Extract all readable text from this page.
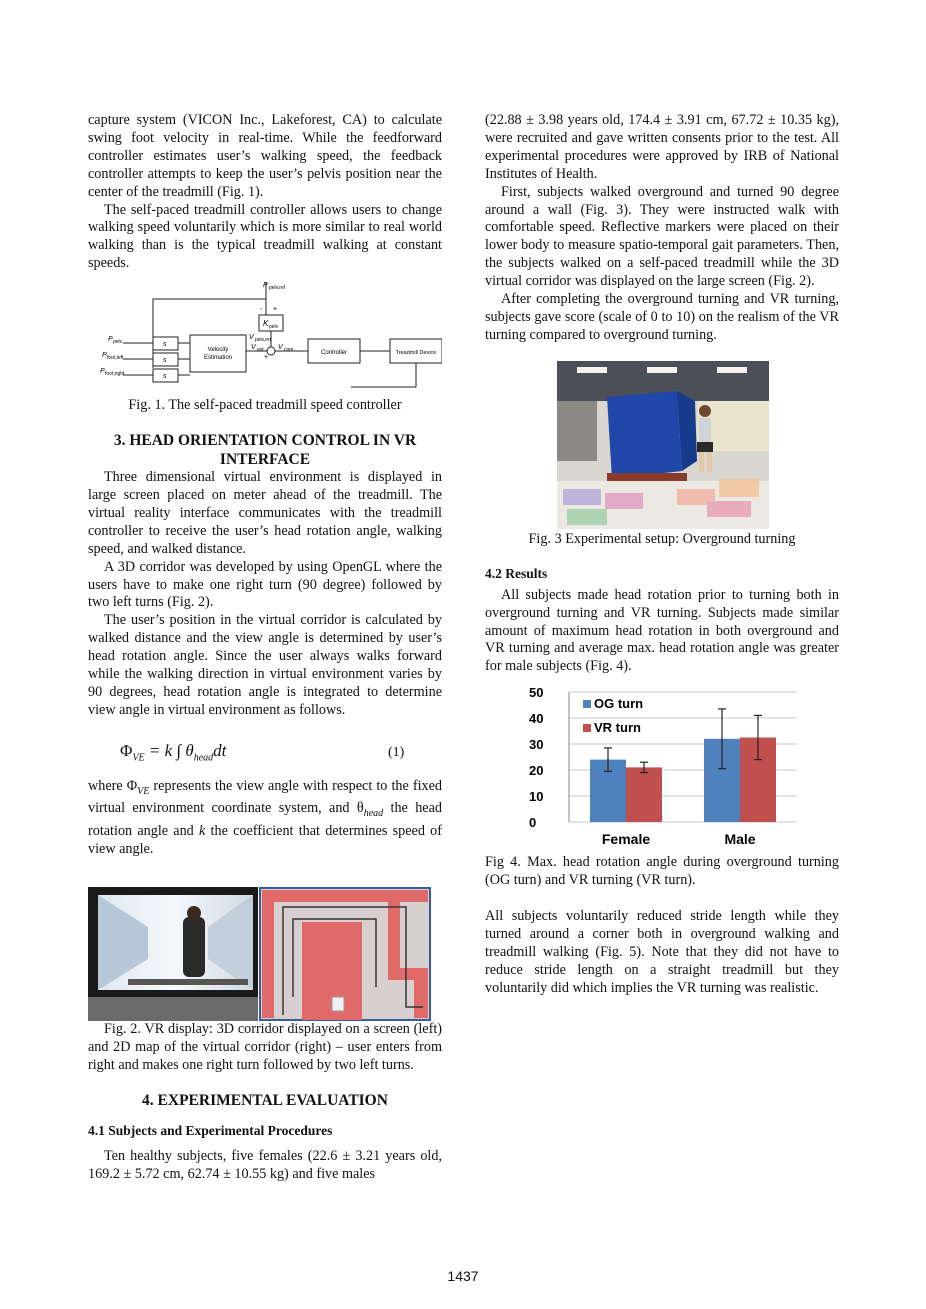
capture system (VICON Inc., Lakeforest, CA) to calculate swing foot velocity in real-time. While the feedforward controller estimates user’s walking speed, the feedback controller attempts to keep the user’s pelvis position near the center of the treadmill (Fig. 1).

The self-paced treadmill controller allows users to change walking speed voluntarily which is more similar to real world walking than is the typical treadmill walking at constant speeds.

P pelv,ref
- +
K pelv
V pelv,err
V est V com
+
P pelv
P foot,left
P foot,right
s
s
s
Velocity
Estimation
Controller	Treadmill Device

Fig. 1. The self-paced treadmill speed controller

3. HEAD ORIENTATION CONTROL IN VR
INTERFACE

Three dimensional virtual environment is displayed in large screen placed on meter ahead of the treadmill. The virtual reality interface communicates with the treadmill controller to receive the user’s head rotation angle, walking speed, and walked distance.

A 3D corridor was developed by using OpenGL where the users have to make one right turn (90 degree) followed by two left turns (Fig. 2).

The user’s position in the virtual corridor is calculated by walked distance and the view angle is determined by user’s head rotation angle. Since the user always walks forward while the walking direction in virtual environment varies by 90 degrees, head rotation angle is integrated to determine view angle in virtual environment as follows.

$\Phi_{VE} = k$ ∫ $\theta_{head}dt$	(1)

where $\Phi_{VE}$ represents the view angle with respect to the fixed virtual environment coordinate system, and $\theta_{head}$ the head rotation angle and k the coefficient that determines speed of view angle.

Fig. 2. VR display: 3D corridor displayed on a screen (left) and 2D map of the virtual corridor (right) – user enters from right and makes one right turn followed by two left turns.

4. EXPERIMENTAL EVALUATION
4.1 Subjects and Experimental Procedures

Ten healthy subjects, five females (22.6 ± 3.21 years old, 169.2 ± 5.72 cm, 62.74 ± 10.55 kg) and five males

(22.88 ± 3.98 years old, 174.4 ± 3.91 cm, 67.72 ± 10.35 kg), were recruited and gave written consents prior to the test. All experimental procedures were approved by IRB of National Institutes of Health.

First, subjects walked overground and turned 90 degree around a wall (Fig. 3). They were instructed walk with comfortable speed. Reflective markers were placed on their lower body to measure spatio-temporal gait parameters. Then, the subjects walked on a self-paced treadmill while the 3D virtual corridor was displayed on the large screen (Fig. 2).

After completing the overground turning and VR turning, subjects gave score (scale of 0 to 10) on the realism of the VR turning compared to overground turning.

Fig. 3 Experimental setup: Overground turning

4.2 Results

All subjects made head rotation prior to turning both in overground turning and VR turning. Subjects made similar amount of maximum head rotation in both overground and VR turning and average max. head rotation angle was greater for male subjects (Fig. 4).

0
10
20
30
40
50
Female	Male
OG turn
VR turn

Fig 4. Max. head rotation angle during overground turning (OG turn) and VR turning (VR turn).

All subjects voluntarily reduced stride length while they turned around a corner both in overground walking and treadmill walking (Fig. 5). Note that they did not have to reduce stride length on a straight treadmill but they voluntarily did which implies the VR turning was realistic.

1437
